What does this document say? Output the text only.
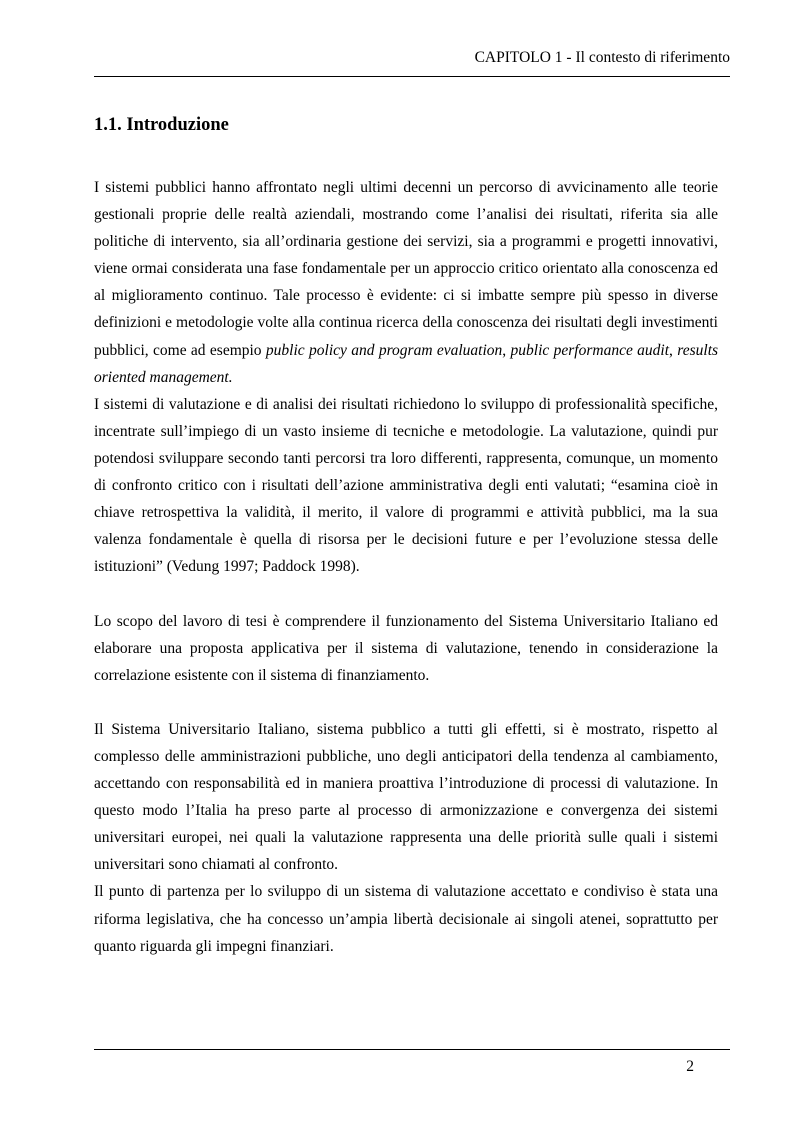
CAPITOLO 1 - Il contesto di riferimento
1.1. Introduzione

I sistemi pubblici hanno affrontato negli ultimi decenni un percorso di avvicinamento alle teorie gestionali proprie delle realtà aziendali, mostrando come l’analisi dei risultati, riferita sia alle politiche di intervento, sia all’ordinaria gestione dei servizi, sia a programmi e progetti innovativi, viene ormai considerata una fase fondamentale per un approccio critico orientato alla conoscenza ed al miglioramento continuo. Tale processo è evidente: ci si imbatte sempre più spesso in diverse definizioni e metodologie volte alla continua ricerca della conoscenza dei risultati degli investimenti pubblici, come ad esempio public policy and program evaluation, public performance audit, results oriented management.

I sistemi di valutazione e di analisi dei risultati richiedono lo sviluppo di professionalità specifiche, incentrate sull’impiego di un vasto insieme di tecniche e metodologie. La valutazione, quindi pur potendosi sviluppare secondo tanti percorsi tra loro differenti, rappresenta, comunque, un momento di confronto critico con i risultati dell’azione amministrativa degli enti valutati; “esamina cioè in chiave retrospettiva la validità, il merito, il valore di programmi e attività pubblici, ma la sua valenza fondamentale è quella di risorsa per le decisioni future e per l’evoluzione stessa delle istituzioni” (Vedung 1997; Paddock 1998).

Lo scopo del lavoro di tesi è comprendere il funzionamento del Sistema Universitario Italiano ed elaborare una proposta applicativa per il sistema di valutazione, tenendo in considerazione la correlazione esistente con il sistema di finanziamento.

Il Sistema Universitario Italiano, sistema pubblico a tutti gli effetti, si è mostrato, rispetto al complesso delle amministrazioni pubbliche, uno degli anticipatori della tendenza al cambiamento, accettando con responsabilità ed in maniera proattiva l’introduzione di processi di valutazione. In questo modo l’Italia ha preso parte al processo di armonizzazione e convergenza dei sistemi universitari europei, nei quali la valutazione rappresenta una delle priorità sulle quali i sistemi universitari sono chiamati al confronto.

Il punto di partenza per lo sviluppo di un sistema di valutazione accettato e condiviso è stata una riforma legislativa, che ha concesso un’ampia libertà decisionale ai singoli atenei, soprattutto per quanto riguarda gli impegni finanziari.

2
